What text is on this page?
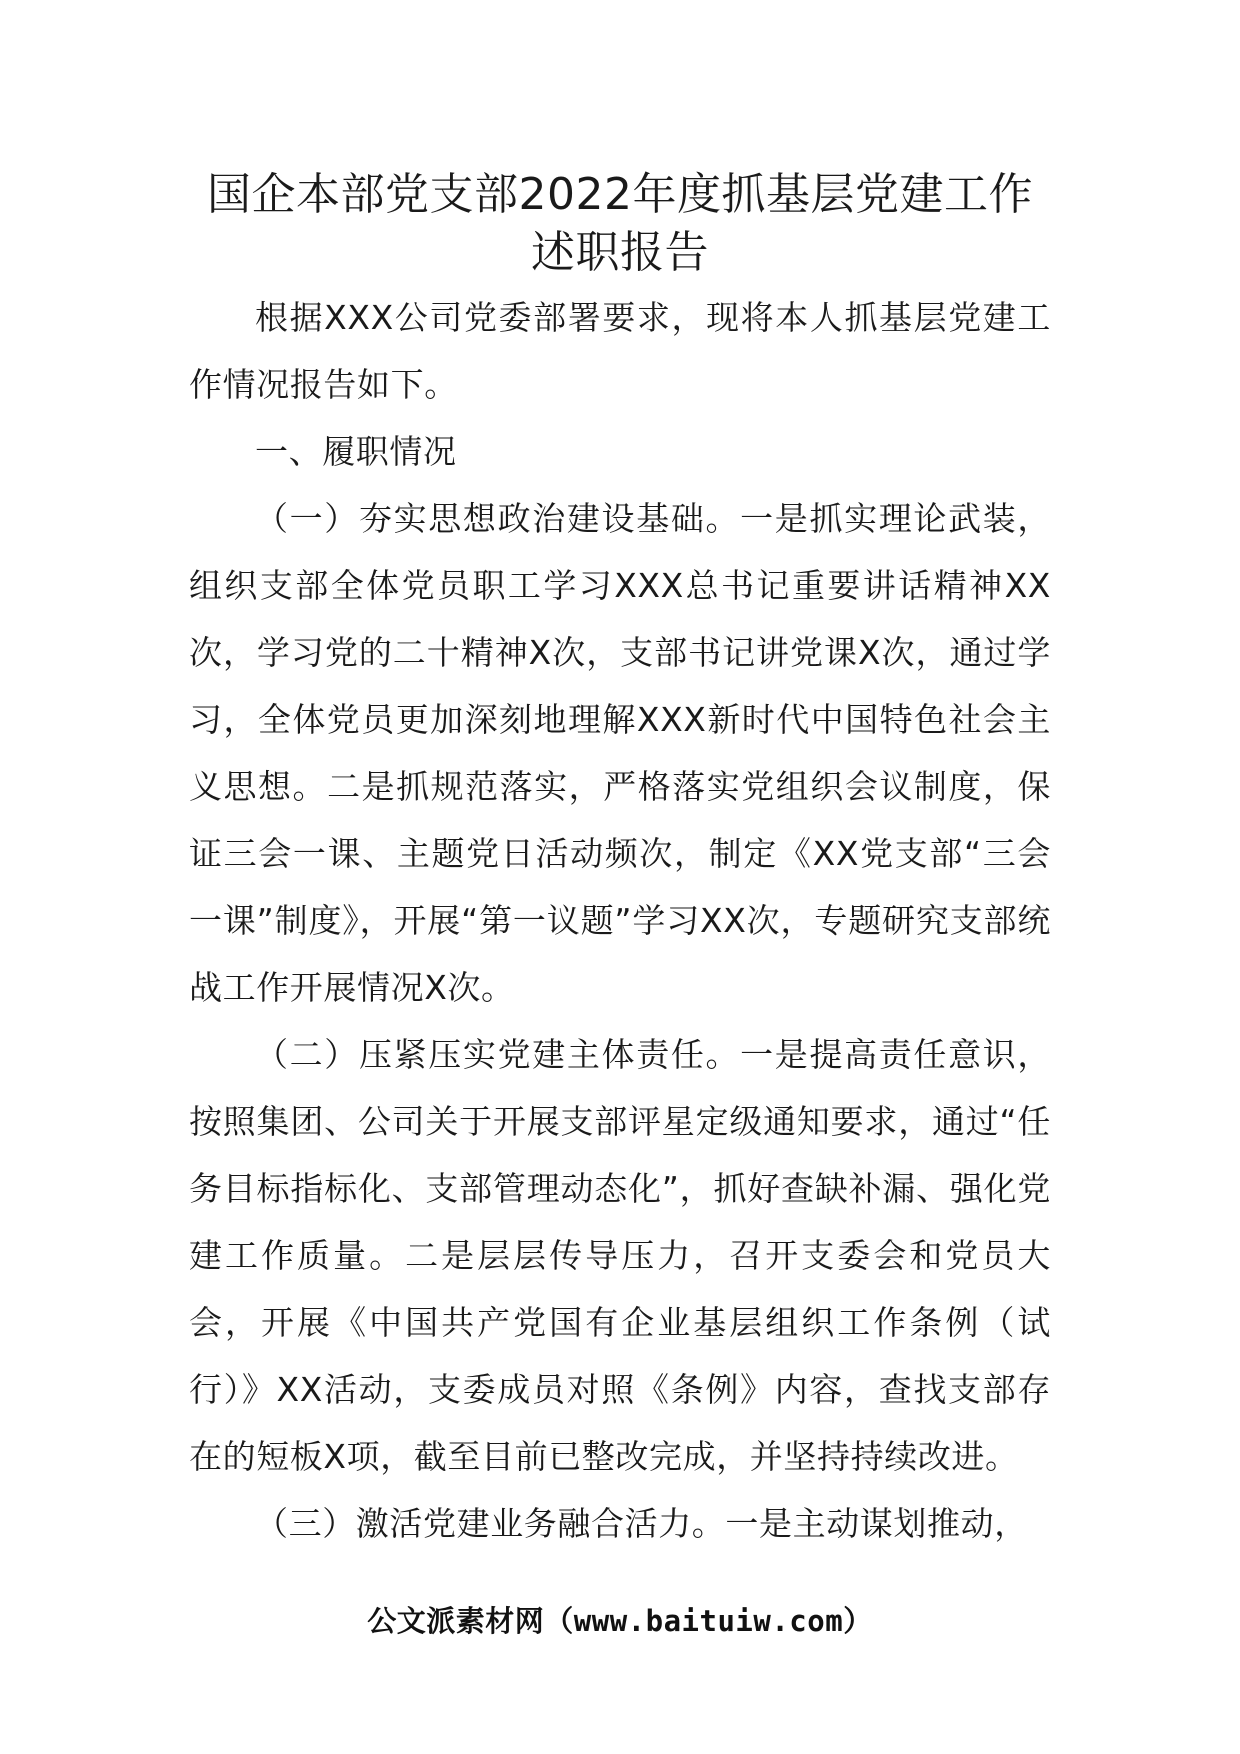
国企本部党支部2022年度抓基层党建工作
述职报告

根据XXX公司党委部署要求，现将本人抓基层党建工作情况报告如下。

一、履职情况

（一）夯实思想政治建设基础。一是抓实理论武装，组织支部全体党员职工学习XXX总书记重要讲话精神XX次，学习党的二十精神X次，支部书记讲党课X次，通过学习，全体党员更加深刻地理解XXX新时代中国特色社会主义思想。二是抓规范落实，严格落实党组织会议制度，保证三会一课、主题党日活动频次，制定《XX党支部“三会一课”制度》，开展“第一议题”学习XX次，专题研究支部统战工作开展情况X次。

（二）压紧压实党建主体责任。一是提高责任意识，按照集团、公司关于开展支部评星定级通知要求，通过“任务目标指标化、支部管理动态化”，抓好查缺补漏、强化党建工作质量。二是层层传导压力，召开支委会和党员大会，开展《中国共产党国有企业基层组织工作条例（试行）》XX活动，支委成员对照《条例》内容，查找支部存在的短板X项，截至目前已整改完成，并坚持持续改进。

（三）激活党建业务融合活力。一是主动谋划推动，

公文派素材网（www.baituiw.com）
